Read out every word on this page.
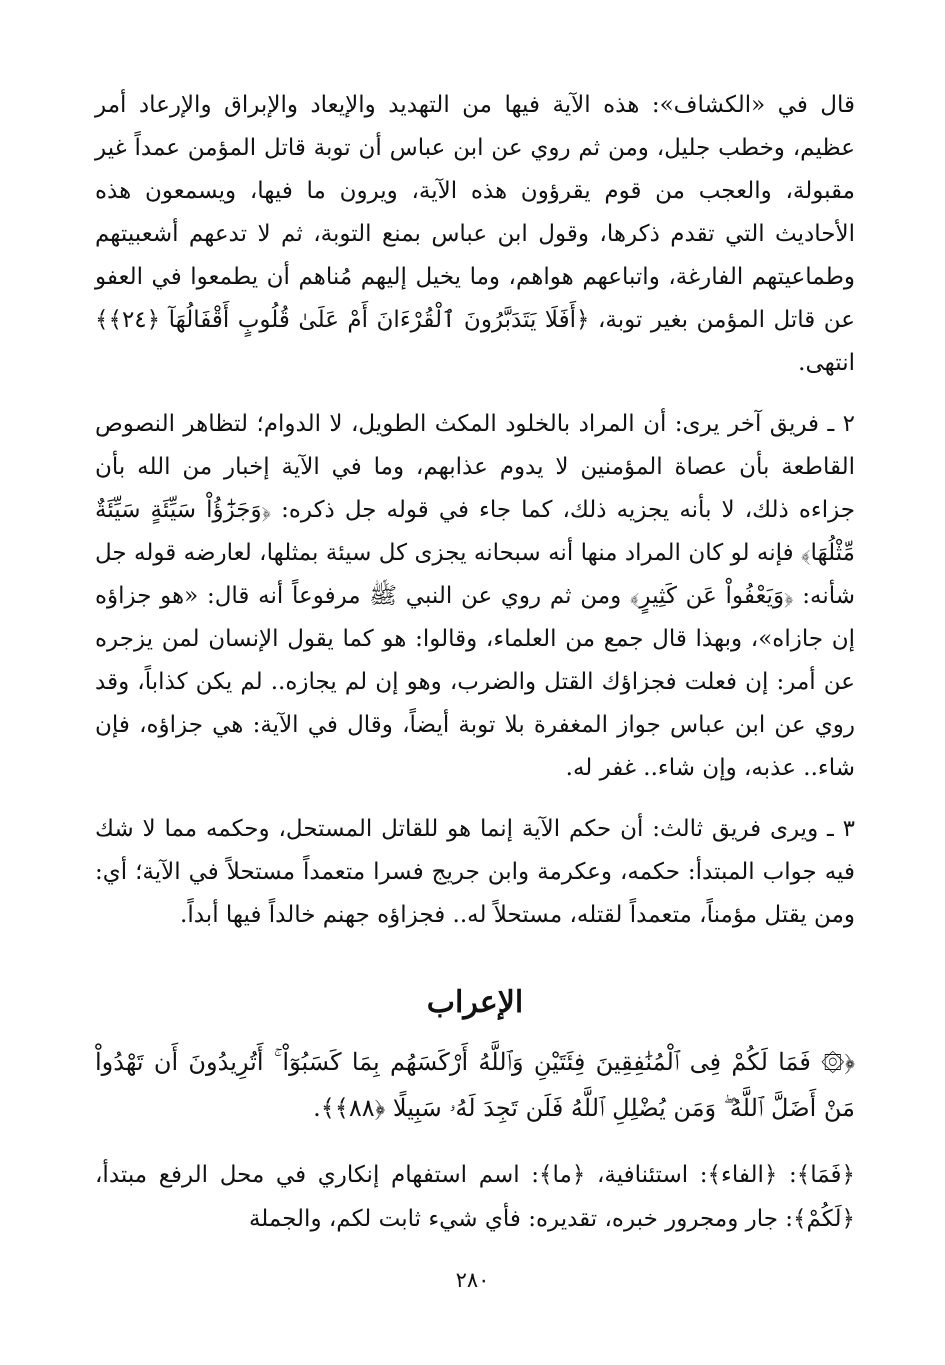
قال في «الكشاف»: هذه الآية فيها من التهديد والإيعاد والإبراق والإرعاد أمر عظيم، وخطب جليل، ومن ثم روي عن ابن عباس أن توبة قاتل المؤمن عمداً غير مقبولة، والعجب من قوم يقرؤون هذه الآية، ويرون ما فيها، ويسمعون هذه الأحاديث التي تقدم ذكرها، وقول ابن عباس بمنع التوبة، ثم لا تدعهم أشعبيتهم وطماعيتهم الفارغة، واتباعهم هواهم، وما يخيل إليهم مُناهم أن يطمعوا في العفو عن قاتل المؤمن بغير توبة، ﴿أَفَلَا يَتَدَبَّرُونَ ٱلْقُرْءَانَ أَمْ عَلَىٰ قُلُوبٍ أَقْفَالُهَآ ﴿٢٤﴾﴾ انتهى.

٢ ـ فريق آخر يرى: أن المراد بالخلود المكث الطويل، لا الدوام؛ لتظاهر النصوص القاطعة بأن عصاة المؤمنين لا يدوم عذابهم، وما في الآية إخبار من الله بأن جزاءه ذلك، لا بأنه يجزيه ذلك، كما جاء في قوله جل ذكره: ﴿وَجَزَٰٓؤُاْ سَيِّئَةٍ سَيِّئَةٌ مِّثْلُهَا﴾ فإنه لو كان المراد منها أنه سبحانه يجزى كل سيئة بمثلها، لعارضه قوله جل شأنه: ﴿وَيَعْفُواْ عَن كَثِيرٍ﴾ ومن ثم روي عن النبي ﷺ مرفوعاً أنه قال: «هو جزاؤه إن جازاه»، وبهذا قال جمع من العلماء، وقالوا: هو كما يقول الإنسان لمن يزجره عن أمر: إن فعلت فجزاؤك القتل والضرب، وهو إن لم يجازه.. لم يكن كذاباً، وقد روي عن ابن عباس جواز المغفرة بلا توبة أيضاً، وقال في الآية: هي جزاؤه، فإن شاء.. عذبه، وإن شاء.. غفر له.

٣ ـ ويرى فريق ثالث: أن حكم الآية إنما هو للقاتل المستحل، وحكمه مما لا شك فيه جواب المبتدأ: حكمه، وعكرمة وابن جريج فسرا متعمداً مستحلاً في الآية؛ أي: ومن يقتل مؤمناً، متعمداً لقتله، مستحلاً له.. فجزاؤه جهنم خالداً فيها أبداً.

الإعراب

﴿۞ فَمَا لَكُمْ فِى ٱلْمُنَٰفِقِينَ فِئَتَيْنِ وَٱللَّهُ أَرْكَسَهُم بِمَا كَسَبُوٓاْ ۚ أَتُرِيدُونَ أَن تَهْدُواْ مَنْ أَضَلَّ ٱللَّهُ ۖ وَمَن يُضْلِلِ ٱللَّهُ فَلَن تَجِدَ لَهُۥ سَبِيلًا ﴿٨٨﴾﴾.

﴿فَمَا﴾: ﴿الفاء﴾: استئنافية، ﴿ما﴾: اسم استفهام إنكاري في محل الرفع مبتدأ، ﴿لَكُمْ﴾: جار ومجرور خبره، تقديره: فأي شيء ثابت لكم، والجملة

٢٨٠
